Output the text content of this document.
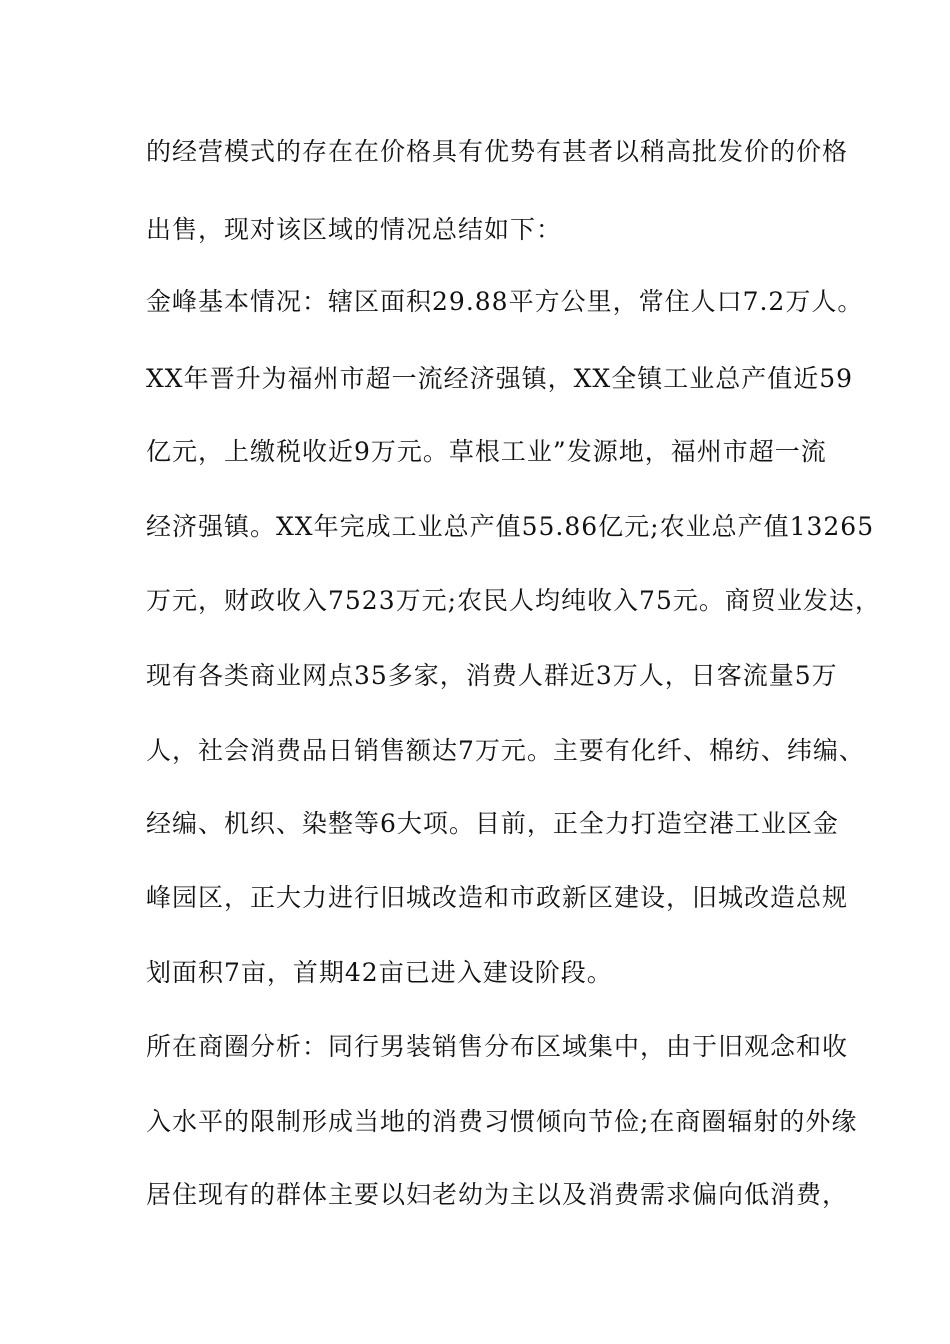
的经营模式的存在在价格具有优势有甚者以稍高批发价的价格
出售，现对该区域的情况总结如下：
金峰基本情况：辖区面积29.88平方公里，常住人口7.2万人。
XX年晋升为福州市超一流经济强镇，XX全镇工业总产值近59
亿元，上缴税收近9万元。草根工业”发源地，福州市超一流
经济强镇。XX年完成工业总产值55.86亿元;农业总产值13265
万元，财政收入7523万元;农民人均纯收入75元。商贸业发达，
现有各类商业网点35多家，消费人群近3万人，日客流量5万
人，社会消费品日销售额达7万元。主要有化纤、棉纺、纬编、
经编、机织、染整等6大项。目前，正全力打造空港工业区金
峰园区，正大力进行旧城改造和市政新区建设，旧城改造总规
划面积7亩，首期42亩已进入建设阶段。
所在商圈分析：同行男装销售分布区域集中，由于旧观念和收
入水平的限制形成当地的消费习惯倾向节俭;在商圈辐射的外缘
居住现有的群体主要以妇老幼为主以及消费需求偏向低消费，
